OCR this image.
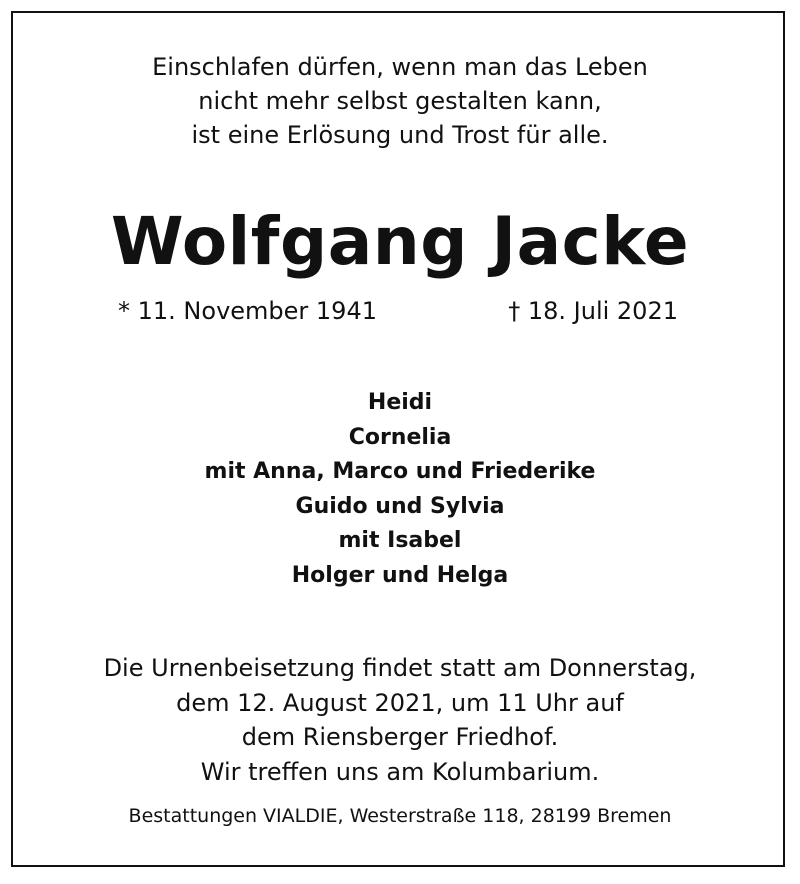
Einschlafen dürfen, wenn man das Leben
nicht mehr selbst gestalten kann,
ist eine Erlösung und Trost für alle.
Wolfgang Jacke
* 11. November 1941	† 18. Juli 2021
Heidi
Cornelia
mit Anna, Marco und Friederike
Guido und Sylvia
mit Isabel
Holger und Helga
Die Urnenbeisetzung findet statt am Donnerstag,
dem 12. August 2021, um 11 Uhr auf
dem Riensberger Friedhof.
Wir treffen uns am Kolumbarium.
Bestattungen VIALDIE, Westerstraße 118, 28199 Bremen
